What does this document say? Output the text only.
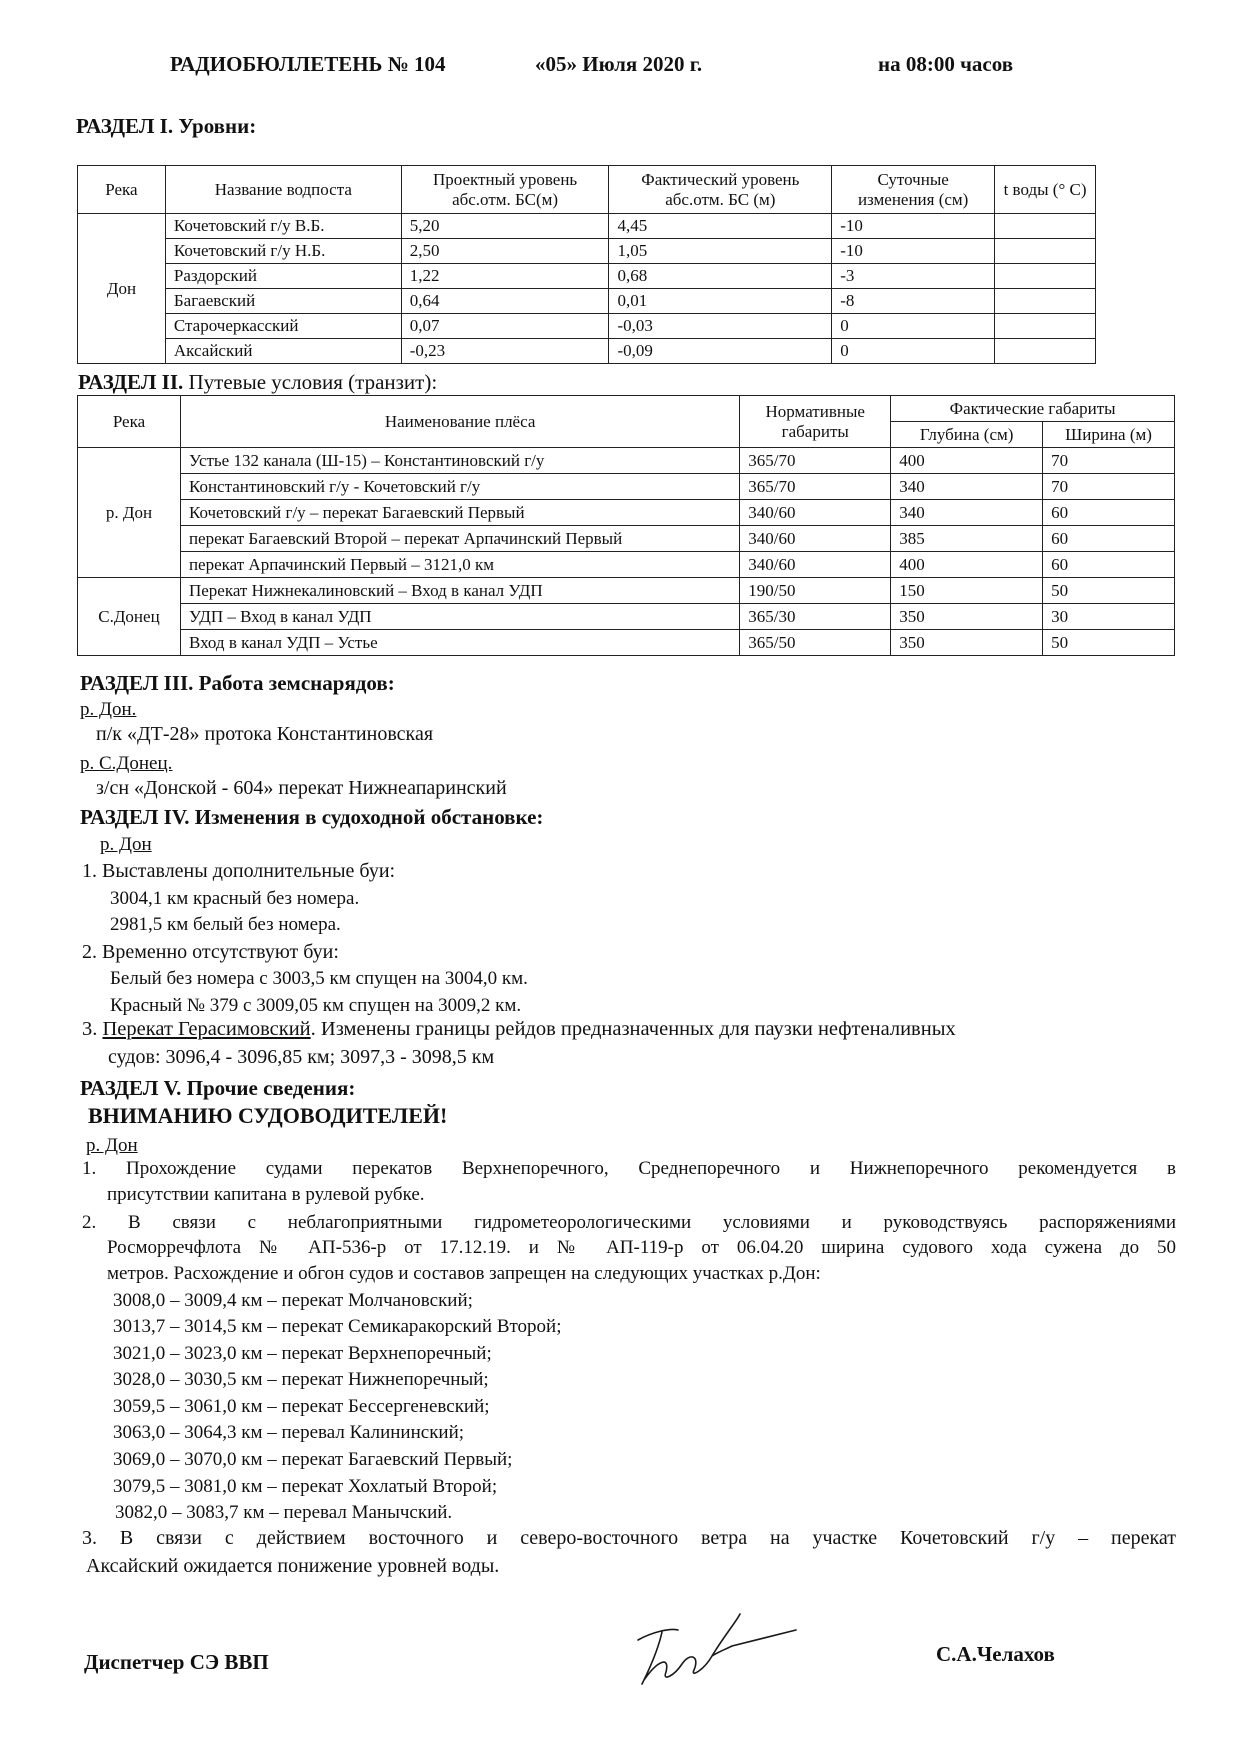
РАДИОБЮЛЛЕТЕНЬ № 104	«05» Июля 2020 г.	на 08:00 часов
РАЗДЕЛ I. Уровни:
Река	Название водпоста	Проектный уровень абс.отм. БС(м)	Фактический уровень абс.отм. БС (м)	Суточные изменения (см)	t воды (° С)
Дон	Кочетовский г/у В.Б.	5,20	4,45	-10	
	Кочетовский г/у Н.Б.	2,50	1,05	-10	
	Раздорский	1,22	0,68	-3	
	Багаевский	0,64	0,01	-8	
	Старочеркасский	0,07	-0,03	0	
	Аксайский	-0,23	-0,09	0	
РАЗДЕЛ II. Путевые условия (транзит):
Река	Наименование плёса	Нормативные габариты	Фактические габариты	
			Глубина (см)	Ширина (м)
р. Дон	Устье 132 канала (Ш-15) – Константиновский г/у	365/70	400	70
	Константиновский г/у - Кочетовский г/у	365/70	340	70
	Кочетовский г/у – перекат Багаевский Первый	340/60	340	60
	перекат Багаевский Второй – перекат Арпачинский Первый	340/60	385	60
	перекат Арпачинский Первый – 3121,0 км	340/60	400	60
С.Донец	Перекат Нижнекалиновский – Вход в канал УДП	190/50	150	50
	УДП – Вход в канал УДП	365/30	350	30
	Вход в канал УДП – Устье	365/50	350	50
РАЗДЕЛ III. Работа земснарядов:
р. Дон.
п/к «ДТ-28» протока Константиновская
р. С.Донец.
з/сн «Донской - 604» перекат Нижнеапаринский
РАЗДЕЛ IV. Изменения в судоходной обстановке:
р. Дон
1. Выставлены дополнительные буи:
3004,1 км красный без номера.
2981,5 км белый без номера.
2. Временно отсутствуют буи:
Белый без номера с 3003,5 км спущен на 3004,0 км.
Красный № 379 с 3009,05 км спущен на 3009,2 км.
3. Перекат Герасимовский. Изменены границы рейдов предназначенных для паузки нефтеналивных
судов: 3096,4 - 3096,85 км; 3097,3 - 3098,5 км
РАЗДЕЛ V. Прочие сведения:
ВНИМАНИЮ СУДОВОДИТЕЛЕЙ!
р. Дон
1. Прохождение судами перекатов Верхнепоречного, Среднепоречного и Нижнепоречного рекомендуется в
присутствии капитана в рулевой рубке.
2. В связи с неблагоприятными гидрометеорологическими условиями и руководствуясь распоряжениями
Росморречфлота № АП-536-р от 17.12.19. и № АП-119-р от 06.04.20 ширина судового хода сужена до 50
метров. Расхождение и обгон судов и составов запрещен на следующих участках р.Дон:
3008,0 – 3009,4 км – перекат Молчановский;
3013,7 – 3014,5 км – перекат Семикаракорский Второй;
3021,0 – 3023,0 км – перекат Верхнепоречный;
3028,0 – 3030,5 км – перекат Нижнепоречный;
3059,5 – 3061,0 км – перекат Бессергеневский;
3063,0 – 3064,3 км – перевал Калининский;
3069,0 – 3070,0 км – перекат Багаевский Первый;
3079,5 – 3081,0 км – перекат Хохлатый Второй;
3082,0 – 3083,7 км – перевал Манычский.
3. В связи с действием восточного и северо-восточного ветра на участке Кочетовский г/у – перекат
Аксайский ожидается понижение уровней воды.
Диспетчер СЭ ВВП	С.А.Челахов
